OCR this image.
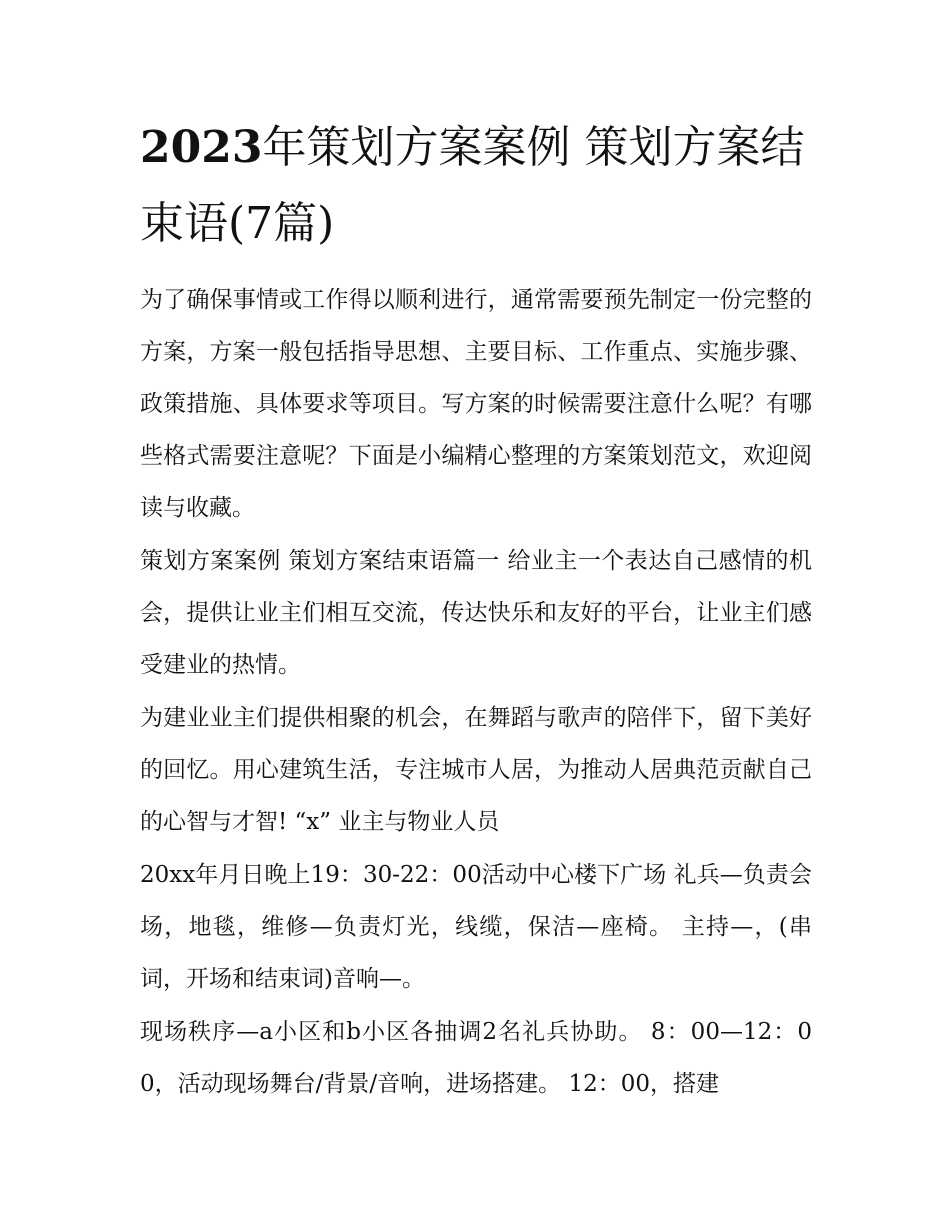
2023年策划方案案例 策划方案结束语(7篇)

为了确保事情或工作得以顺利进行，通常需要预先制定一份完整的方案，方案一般包括指导思想、主要目标、工作重点、实施步骤、政策措施、具体要求等项目。写方案的时候需要注意什么呢？有哪些格式需要注意呢？下面是小编精心整理的方案策划范文，欢迎阅读与收藏。

策划方案案例 策划方案结束语篇一 给业主一个表达自己感情的机会，提供让业主们相互交流，传达快乐和友好的平台，让业主们感受建业的热情。

为建业业主们提供相聚的机会，在舞蹈与歌声的陪伴下，留下美好的回忆。用心建筑生活，专注城市人居，为推动人居典范贡献自己的心智与才智! “x” 业主与物业人员

20xx年月日晚上19：30-22：00活动中心楼下广场 礼兵—负责会场，地毯，维修—负责灯光，线缆，保洁—座椅。 主持—，(串词，开场和结束词)音响—。

现场秩序—a小区和b小区各抽调2名礼兵协助。 8：00—12：00，活动现场舞台/背景/音响，进场搭建。 12：00，搭建
